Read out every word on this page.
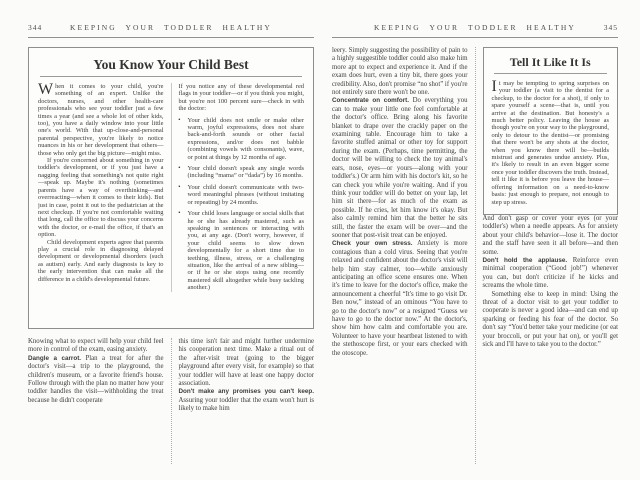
344	KEEPING YOUR TODDLER HEALTHY
You Know Your Child Best

When it comes to your child, you're something of an expert. Unlike the doctors, nurses, and other health-care professionals who see your toddler just a few times a year (and see a whole lot of other kids, too), you have a daily window into your little one's world. With that up-close-and-personal parental perspective, you're likely to notice nuances in his or her development that others—those who only get the big picture—might miss.

If you're concerned about something in your toddler's development, or if you just have a nagging feeling that something's not quite right—speak up. Maybe it's nothing (sometimes parents have a way of overthinking—and overreacting—when it comes to their kids). But just in case, point it out to the pediatrician at the next checkup. If you're not comfortable waiting that long, call the office to discuss your concerns with the doctor, or e-mail the office, if that's an option.

Child development experts agree that parents play a crucial role in diagnosing delayed development or developmental disorders (such as autism) early. And early diagnosis is key to the early intervention that can make all the difference in a child's developmental future.

If you notice any of these developmental red flags in your toddler—or if you think you might, but you're not 100 percent sure—check in with the doctor:

▪ Your child does not smile or make other warm, joyful expressions, does not share back-and-forth sounds or other facial expressions, and/or does not babble (combining vowels with consonants), wave, or point at things by 12 months of age.
▪ Your child doesn't speak any single words (including “mama” or “dada”) by 16 months.
▪ Your child doesn't communicate with two-word meaningful phrases (without imitating or repeating) by 24 months.
▪ Your child loses language or social skills that he or she has already mastered, such as speaking in sentences or interacting with you, at any age. (Don't worry, however, if your child seems to slow down developmentally for a short time due to teething, illness, stress, or a challenging situation, like the arrival of a new sibling—or if he or she stops using one recently mastered skill altogether while busy tackling another.)

Knowing what to expect will help your child feel more in control of the exam, easing anxiety.

Dangle a carrot. Plan a treat for after the doctor's visit—a trip to the playground, the children's museum, or a favorite friend's house. Follow through with the plan no matter how your toddler handles the visit—withholding the treat because he didn't cooperate

this time isn't fair and might further undermine his cooperation next time. Make a ritual out of the after-visit treat (going to the bigger playground after every visit, for example) so that your toddler will have at least one happy doctor association.

Don't make any promises you can't keep. Assuring your toddler that the exam won't hurt is likely to make him

KEEPING YOUR TODDLER HEALTHY	345

leery. Simply suggesting the possibility of pain to a highly suggestible toddler could also make him more apt to expect and experience it. And if the exam does hurt, even a tiny bit, there goes your credibility. Also, don't promise “no shot” if you're not entirely sure there won't be one.

Concentrate on comfort. Do everything you can to make your little one feel comfortable at the doctor's office. Bring along his favorite blanket to drape over the crackly paper on the examining table. Encourage him to take a favorite stuffed animal or other toy for support during the exam. (Perhaps, time permitting, the doctor will be willing to check the toy animal's ears, nose, eyes—or yours—along with your toddler's.) Or arm him with his doctor's kit, so he can check you while you're waiting. And if you think your toddler will do better on your lap, let him sit there—for as much of the exam as possible. If he cries, let him know it's okay. But also calmly remind him that the better he sits still, the faster the exam will be over—and the sooner that post-visit treat can be enjoyed.

Check your own stress. Anxiety is more contagious than a cold virus. Seeing that you're relaxed and confident about the doctor's visit will help him stay calmer, too—while anxiously anticipating an office scene ensures one. When it's time to leave for the doctor's office, make the announcement a cheerful “It's time to go visit Dr. Ben now,” instead of an ominous “You have to go to the doctor's now” or a resigned “Guess we have to go to the doctor now.” At the doctor's, show him how calm and comfortable you are. Volunteer to have your heartbeat listened to with the stethoscope first, or your ears checked with the otoscope.

Tell It Like It Is

It may be tempting to spring surprises on your toddler (a visit to the dentist for a checkup, to the doctor for a shot), if only to spare yourself a scene—that is, until you arrive at the destination. But honesty's a much better policy. Leaving the house as though you're on your way to the playground, only to detour to the dentist—or promising that there won't be any shots at the doctor, when you know there will be—builds mistrust and generates undue anxiety. Plus, it's likely to result in an even bigger scene once your toddler discovers the truth. Instead, tell it like it is before you leave the house—offering information on a need-to-know basis: just enough to prepare, not enough to step up stress.

And don't gasp or cover your eyes (or your toddler's) when a needle appears. As for anxiety about your child's behavior—lose it. The doctor and the staff have seen it all before—and then some.

Don't hold the applause. Reinforce even minimal cooperation (“Good job!”) whenever you can, but don't criticize if he kicks and screams the whole time.

Something else to keep in mind: Using the threat of a doctor visit to get your toddler to cooperate is never a good idea—and can end up sparking or feeding his fear of the doctor. So don't say “You'd better take your medicine (or eat your broccoli, or put your hat on), or you'll get sick and I'll have to take you to the doctor.”
